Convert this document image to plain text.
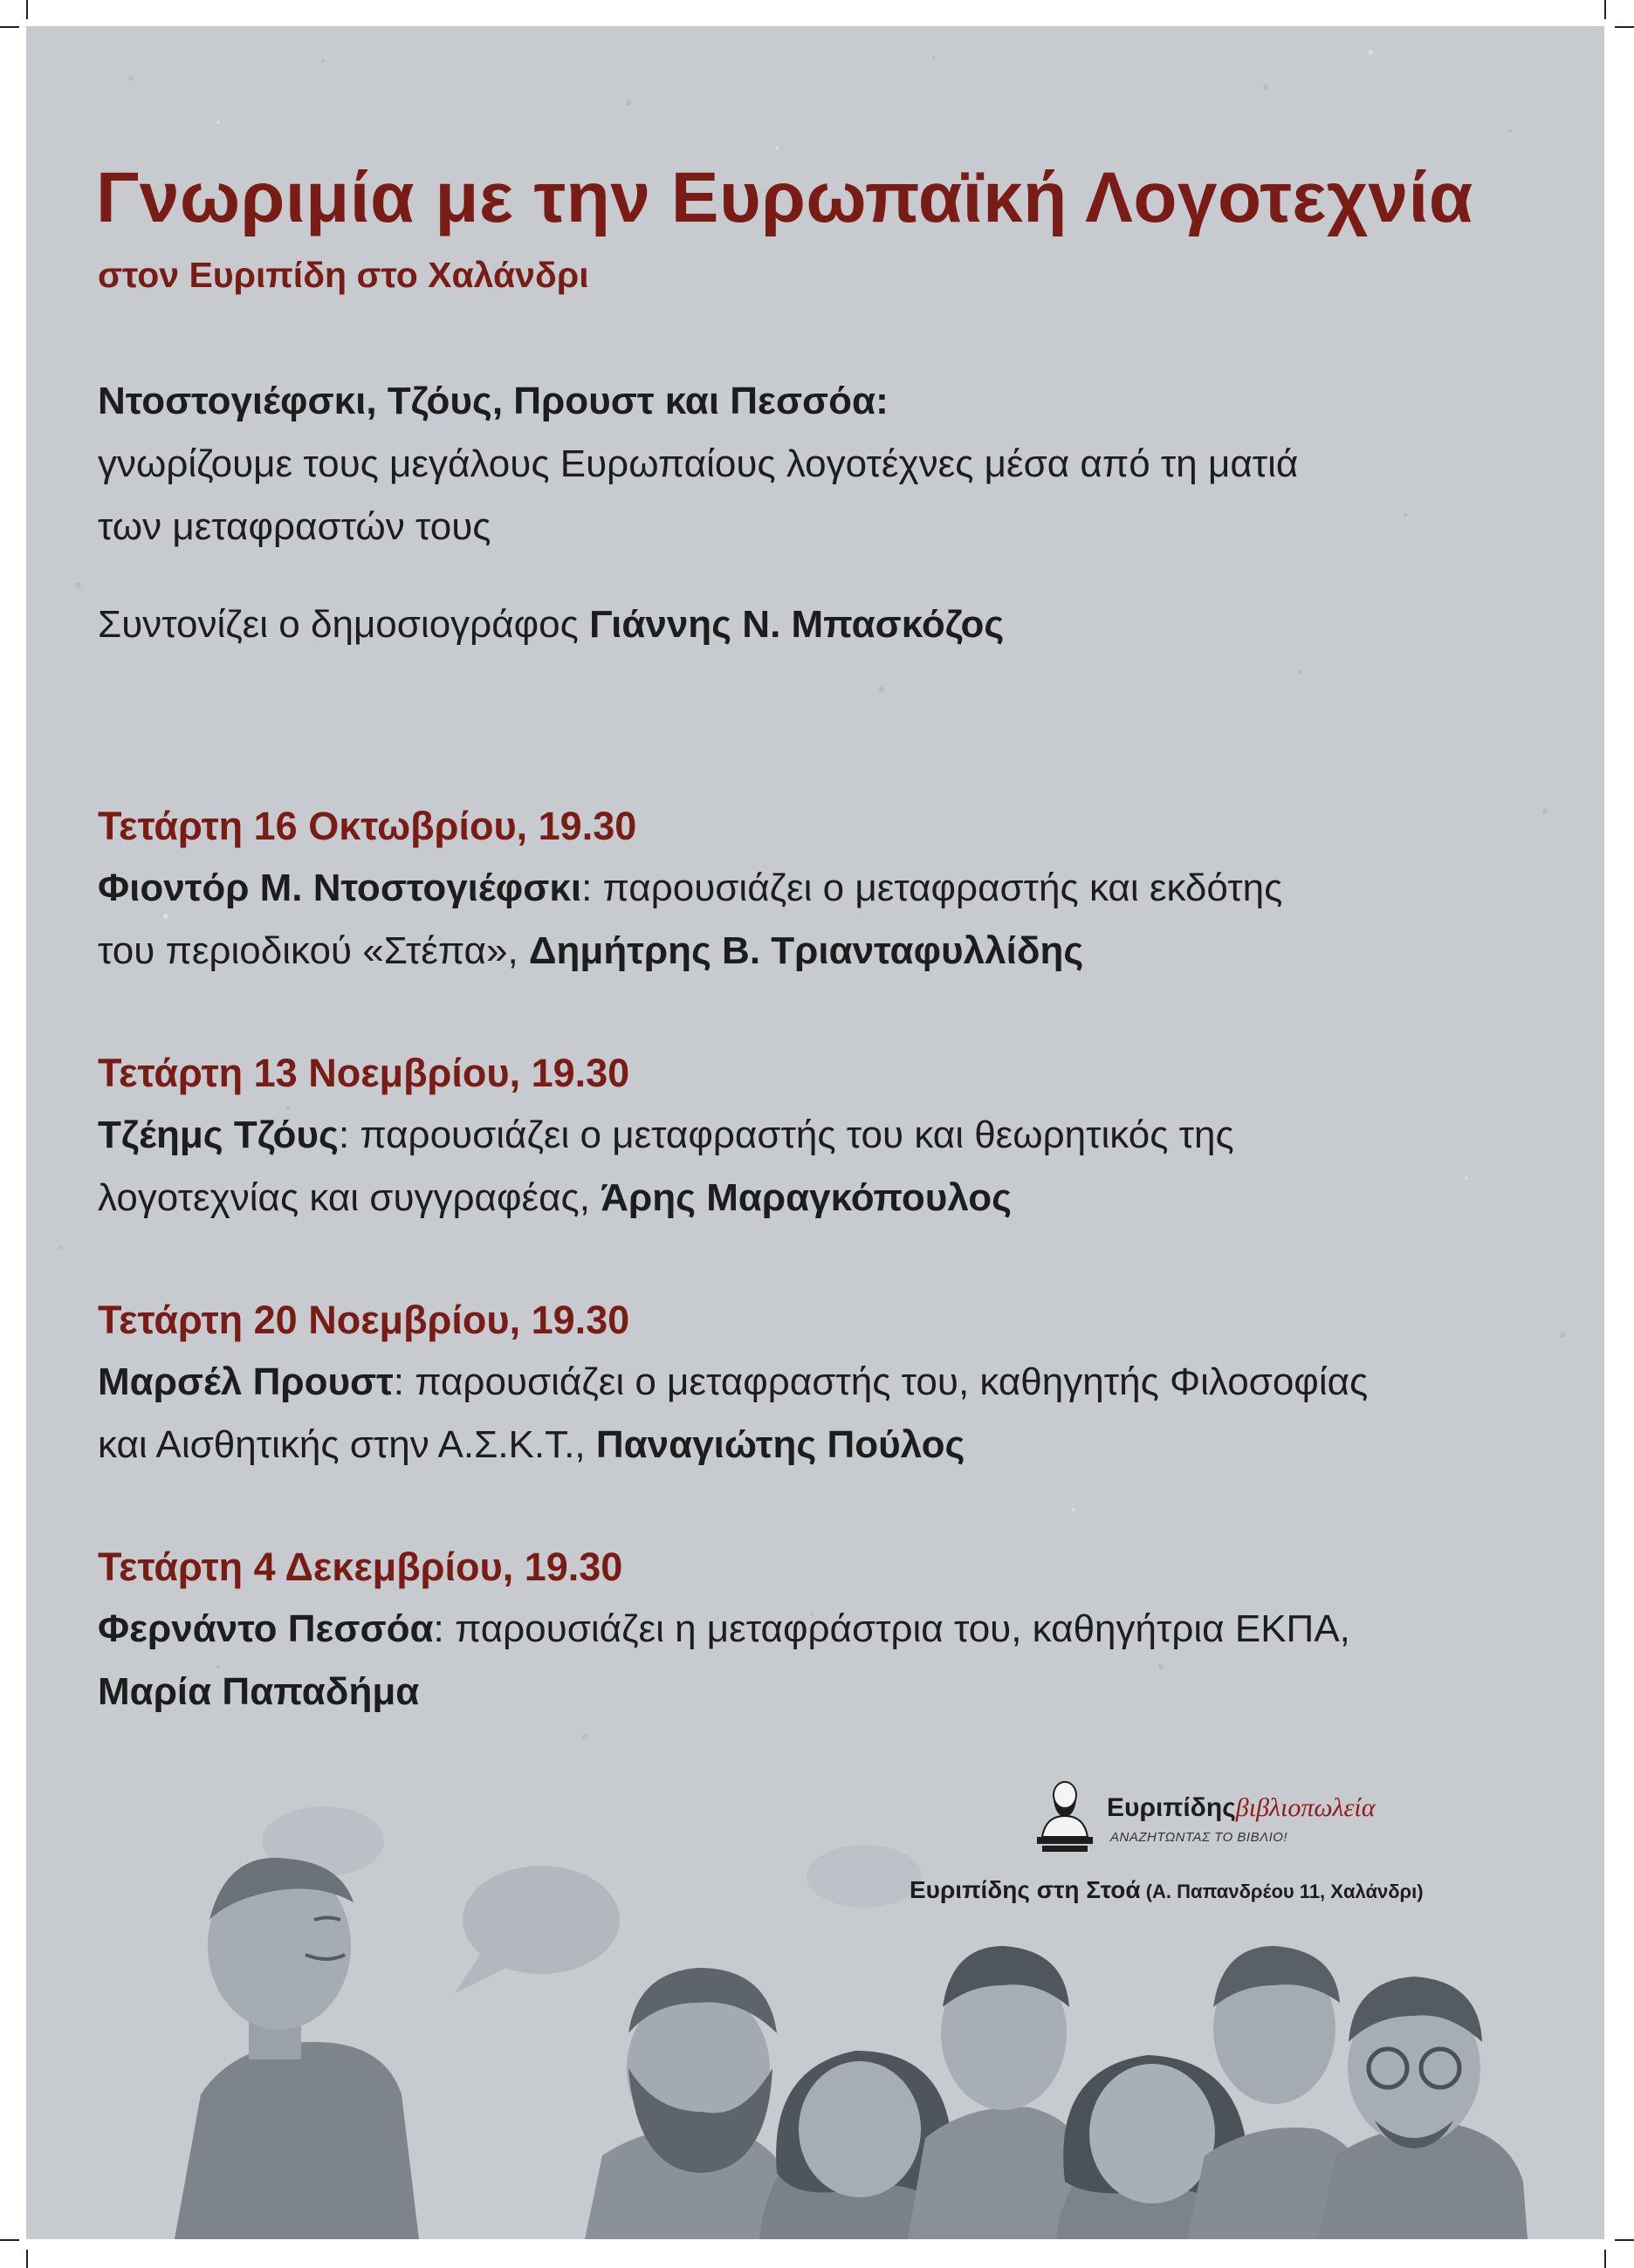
Γνωριμία με την Ευρωπαϊκή Λογοτεχνία
στον Ευριπίδη στο Χαλάνδρι
Ντοστογιέφσκι, Τζόυς, Προυστ και Πεσσόα:
γνωρίζουμε τους μεγάλους Ευρωπαίους λογοτέχνες μέσα από τη ματιά
των μεταφραστών τους
Συντονίζει ο δημοσιογράφος Γιάννης Ν. Μπασκόζος
Τετάρτη 16 Οκτωβρίου, 19.30
Φιοντόρ Μ. Ντοστογιέφσκι: παρουσιάζει ο μεταφραστής και εκδότης
του περιοδικού «Στέπα», Δημήτρης Β. Τριανταφυλλίδης
Τετάρτη 13 Νοεμβρίου, 19.30
Τζέημς Τζόυς: παρουσιάζει ο μεταφραστής του και θεωρητικός της
λογοτεχνίας και συγγραφέας, Άρης Μαραγκόπουλος
Τετάρτη 20 Νοεμβρίου, 19.30
Μαρσέλ Προυστ: παρουσιάζει ο μεταφραστής του, καθηγητής Φιλοσοφίας
και Αισθητικής στην Α.Σ.Κ.Τ., Παναγιώτης Πούλος
Τετάρτη 4 Δεκεμβρίου, 19.30
Φερνάντο Πεσσόα: παρουσιάζει η μεταφράστρια του, καθηγήτρια ΕΚΠΑ,
Μαρία Παπαδήμα
Ευριπίδηςβιβλιοπωλεία
ΑΝΑΖΗΤΩΝΤΑΣ ΤΟ ΒΙΒΛΙΟ!
Ευριπίδης στη Στοά (Α. Παπανδρέου 11, Χαλάνδρι)
